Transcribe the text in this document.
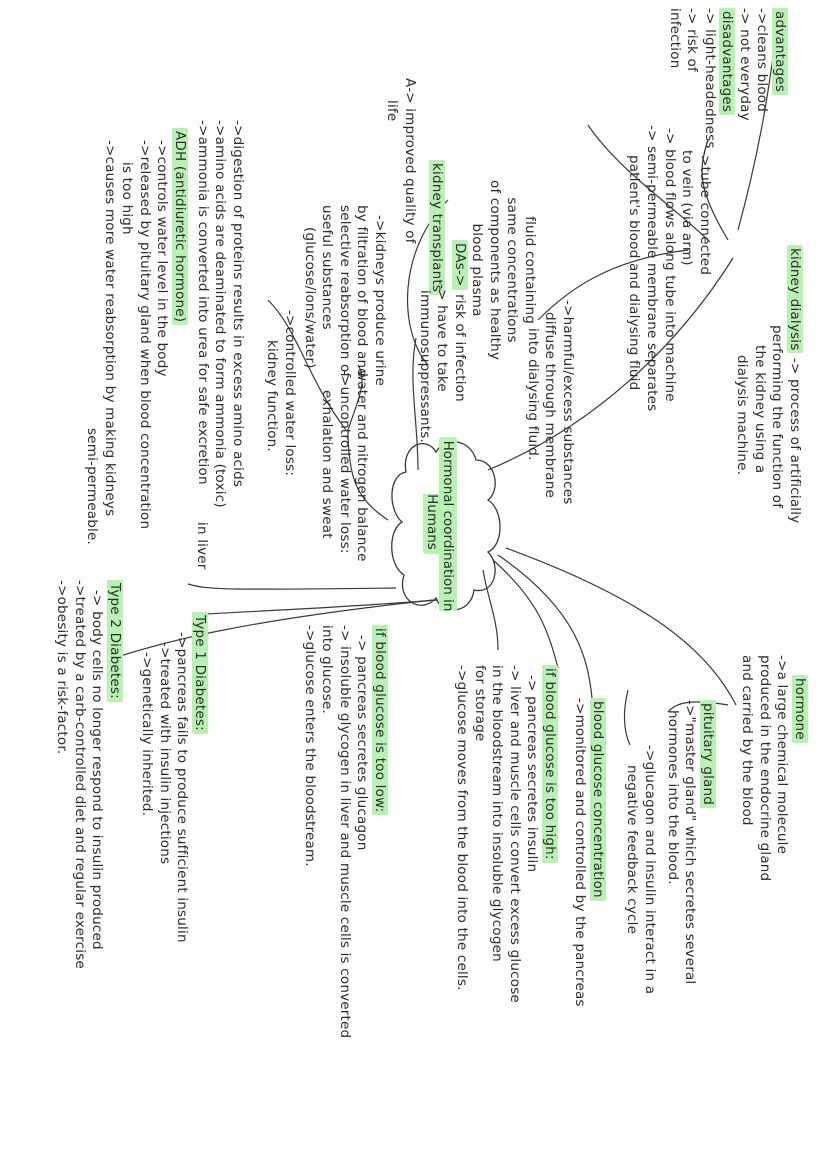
Hormonal coordination in Humans
kidney dialysis -> process of artificially
performing the function of
the kidney using a
dialysis machine.
advantages
->cleans blood
-> not everyday
disadvantages
-> light-headedness
-> risk of
infection
->tube connected
to vein (via arm)
-> blood flows along tube into machine
-> semi-permeable membrane separates
patient's blood and dialysing fluid
->harmful/excess substances
diffuse through membrane
into dialysing fluid.
fluid containing
same concentrations
of components as healthy
blood plasma
kidney transplants
A-> improved quality of
life
DAs-> risk of infection
-> have to take
immunosuppressants.
water and nitrogen balance
->kidneys produce urine
by filtration of blood and
selective reabsorption of
useful substances
(glucose/ions/water)
->controlled water loss:
kidney function.	->uncontrolled water loss:
exhalation and sweat
->digestion of proteins results in excess amino acids
->amino acids are deaminated to form ammonia (toxic)
->ammonia is converted into urea for safe excretion
in liver
ADH (antidiuretic hormone)
->controls water level in the body
->released by pituitary gland when blood concentration
is too high
->causes more water reabsorption by making kidneys
semi-permeable.
hormone
->a large chemical molecule
produced in the endocrine gland
and carried by the blood
pituitary gland
->"master gland" which secretes several
hormones into the blood.
->glucagon and insulin interact in a
negative feedback cycle
blood glucose concentration
->monitored and controlled by the pancreas
if blood glucose is too high:
-> pancreas secretes insulin
-> liver and muscle cells convert excess glucose
in the bloodstream into insoluble glycogen
for storage
->glucose moves from the blood into the cells.
if blood glucose is too low:
-> pancreas secretes glucagon
-> insoluble glycogen in liver and muscle cells is converted
into glucose.
->glucose enters the bloodstream.
Type 1 Diabetes:
->pancreas fails to produce sufficient insulin
->treated with insulin injections
->genetically inherited.
Type 2 Diabetes:
-> body cells no longer respond to insulin produced
->treated by a carb-controlled diet and regular exercise
->obesity is a risk-factor.
